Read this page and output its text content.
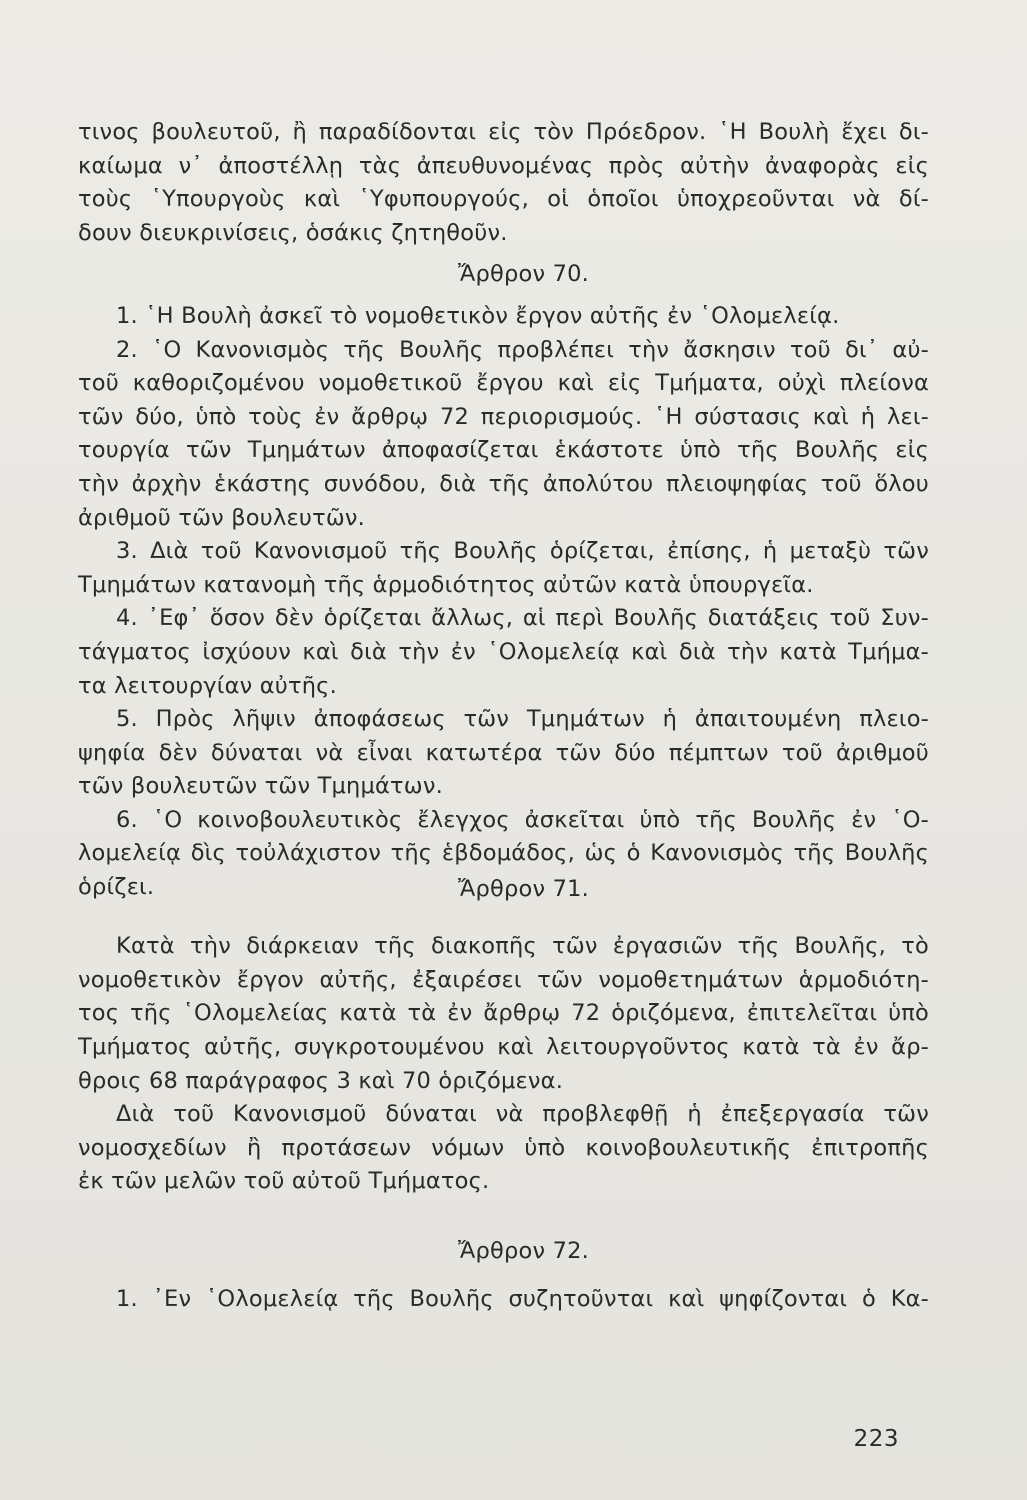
τινος βουλευτοῦ, ἢ παραδίδονται εἰς τὸν Πρόεδρον. ῾Η Βουλὴ ἔχει δι-

καίωμα ν᾽ ἀποστέλλῃ τὰς ἀπευθυνομένας πρὸς αὐτὴν ἀναφορὰς εἰς

τοὺς ῾Υπουργοὺς καὶ ῾Υφυπουργούς, οἱ ὁποῖοι ὑποχρεοῦνται νὰ δί-

δουν διευκρινίσεις, ὁσάκις ζητηθοῦν.

Ἄρθρον 70.

1. ῾Η Βουλὴ ἀσκεῖ τὸ νομοθετικὸν ἔργον αὐτῆς ἐν ῾Ολομελείᾳ.

2. ῾Ο Κανονισμὸς τῆς Βουλῆς προβλέπει τὴν ἄσκησιν τοῦ δι᾽ αὐ-

τοῦ καθοριζομένου νομοθετικοῦ ἔργου καὶ εἰς Τμήματα, οὐχὶ πλείονα

τῶν δύο, ὑπὸ τοὺς ἐν ἄρθρῳ 72 περιορισμούς. ῾Η σύστασις καὶ ἡ λει-

τουργία τῶν Τμημάτων ἀποφασίζεται ἑκάστοτε ὑπὸ τῆς Βουλῆς εἰς

τὴν ἀρχὴν ἑκάστης συνόδου, διὰ τῆς ἀπολύτου πλειοψηφίας τοῦ ὅλου

ἀριθμοῦ τῶν βουλευτῶν.

3. Διὰ τοῦ Κανονισμοῦ τῆς Βουλῆς ὁρίζεται, ἐπίσης, ἡ μεταξὺ τῶν

Τμημάτων κατανομὴ τῆς ἁρμοδιότητος αὐτῶν κατὰ ὑπουργεῖα.

4. ᾽Εφ᾽ ὅσον δὲν ὁρίζεται ἄλλως, αἱ περὶ Βουλῆς διατάξεις τοῦ Συν-

τάγματος ἰσχύουν καὶ διὰ τὴν ἐν ῾Ολομελείᾳ καὶ διὰ τὴν κατὰ Τμήμα-

τα λειτουργίαν αὐτῆς.

5. Πρὸς λῆψιν ἀποφάσεως τῶν Τμημάτων ἡ ἀπαιτουμένη πλειο-

ψηφία δὲν δύναται νὰ εἶναι κατωτέρα τῶν δύο πέμπτων τοῦ ἀριθμοῦ

τῶν βουλευτῶν τῶν Τμημάτων.

6. ῾Ο κοινοβουλευτικὸς ἔλεγχος ἀσκεῖται ὑπὸ τῆς Βουλῆς ἐν ῾Ο-

λομελείᾳ δὶς τοὐλάχιστον τῆς ἑβδομάδος, ὡς ὁ Κανονισμὸς τῆς Βουλῆς

ὁρίζει.	Ἄρθρον 71.

Κατὰ τὴν διάρκειαν τῆς διακοπῆς τῶν ἐργασιῶν τῆς Βουλῆς, τὸ

νομοθετικὸν ἔργον αὐτῆς, ἐξαιρέσει τῶν νομοθετημάτων ἁρμοδιότη-

τος τῆς ῾Ολομελείας κατὰ τὰ ἐν ἄρθρῳ 72 ὁριζόμενα, ἐπιτελεῖται ὑπὸ

Τμήματος αὐτῆς, συγκροτουμένου καὶ λειτουργοῦντος κατὰ τὰ ἐν ἄρ-

θροις 68 παράγραφος 3 καὶ 70 ὁριζόμενα.

Διὰ τοῦ Κανονισμοῦ δύναται νὰ προβλεφθῇ ἡ ἐπεξεργασία τῶν

νομοσχεδίων ἢ προτάσεων νόμων ὑπὸ κοινοβουλευτικῆς ἐπιτροπῆς

ἐκ τῶν μελῶν τοῦ αὐτοῦ Τμήματος.

Ἄρθρον 72.

1. ᾽Εν ῾Ολομελείᾳ τῆς Βουλῆς συζητοῦνται καὶ ψηφίζονται ὁ Κα-

223
